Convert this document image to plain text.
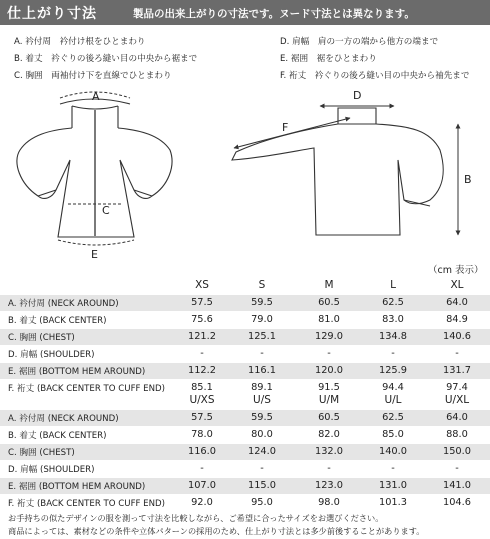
仕上がり寸法	製品の出来上がりの寸法です。ヌード寸法とは異なります。
A. 衿付周　衿付け根をひとまわり
B. 着丈　衿ぐりの後ろ縫い目の中央から裾まで
C. 胸囲　両袖付け下を直線でひとまわり
D. 肩幅　肩の一方の端から他方の端まで
E. 裾囲　裾をひとまわり
F. 裄丈　衿ぐりの後ろ縫い目の中央から袖先まで
A
C
E
D
F
B
（cm 表示）
XS	S	M	L	XL
A. 衿付周 (NECK AROUND)	57.5	59.5	60.5	62.5	64.0
B. 着丈 (BACK CENTER)	75.6	79.0	81.0	83.0	84.9
C. 胸囲 (CHEST)	121.2	125.1	129.0	134.8	140.6
D. 肩幅 (SHOULDER)	-	-	-	-	-
E. 裾囲 (BOTTOM HEM AROUND)	112.2	116.1	120.0	125.9	131.7
F. 裄丈 (BACK CENTER TO CUFF END)	85.1	89.1	91.5	94.4	97.4
U/XS	U/S	U/M	U/L	U/XL
A. 衿付周 (NECK AROUND)	57.5	59.5	60.5	62.5	64.0
B. 着丈 (BACK CENTER)	78.0	80.0	82.0	85.0	88.0
C. 胸囲 (CHEST)	116.0	124.0	132.0	140.0	150.0
D. 肩幅 (SHOULDER)	-	-	-	-	-
E. 裾囲 (BOTTOM HEM AROUND)	107.0	115.0	123.0	131.0	141.0
F. 裄丈 (BACK CENTER TO CUFF END)	92.0	95.0	98.0	101.3	104.6
お手持ちの似たデザインの服を測って寸法を比較しながら、ご希望に合ったサイズをお選びください。
商品によっては、素材などの条件や立体パターンの採用のため、仕上がり寸法とは多少前後することがあります。
